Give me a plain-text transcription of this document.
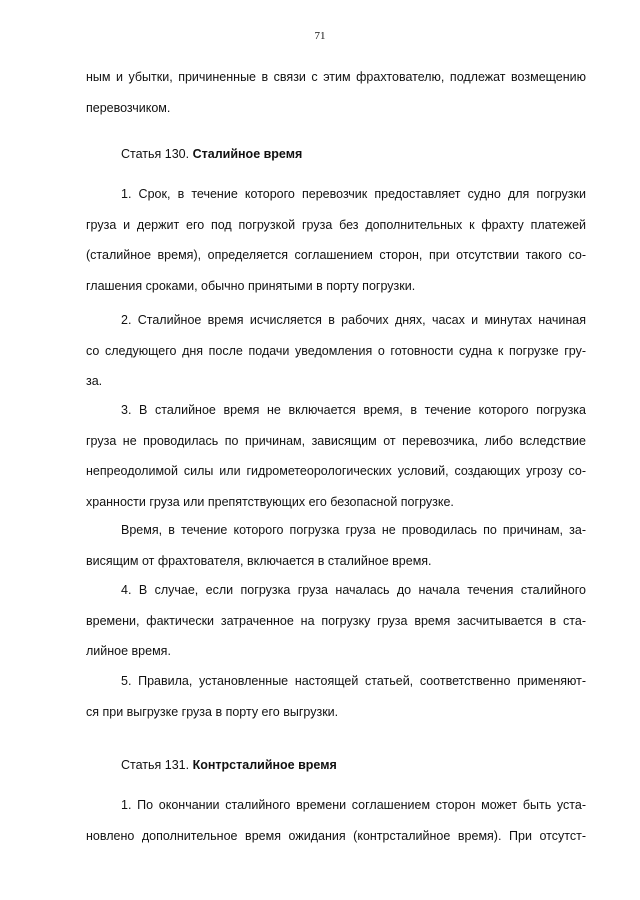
71
ным и убытки, причиненные в связи с этим фрахтователю, подлежат возмещению
перевозчиком.
Статья 130. Сталийное время
1. Срок, в течение которого перевозчик предоставляет судно для погрузки
груза и держит его под погрузкой груза без дополнительных к фрахту платежей
(сталийное время), определяется соглашением сторон, при отсутствии такого со-
глашения сроками, обычно принятыми в порту погрузки.
2. Сталийное время исчисляется в рабочих днях, часах и минутах начиная
со следующего дня после подачи уведомления о готовности судна к погрузке гру-
за.
3. В сталийное время не включается время, в течение которого погрузка
груза не проводилась по причинам, зависящим от перевозчика, либо вследствие
непреодолимой силы или гидрометеорологических условий, создающих угрозу со-
хранности груза или препятствующих его безопасной погрузке.
Время, в течение которого погрузка груза не проводилась по причинам, за-
висящим от фрахтователя, включается в сталийное время.
4. В случае, если погрузка груза началась до начала течения сталийного
времени, фактически затраченное на погрузку груза время засчитывается в ста-
лийное время.
5. Правила, установленные настоящей статьей, соответственно применяют-
ся при выгрузке груза в порту его выгрузки.
Статья 131. Контрсталийное время
1. По окончании сталийного времени соглашением сторон может быть уста-
новлено дополнительное время ожидания (контрсталийное время). При отсутст-
